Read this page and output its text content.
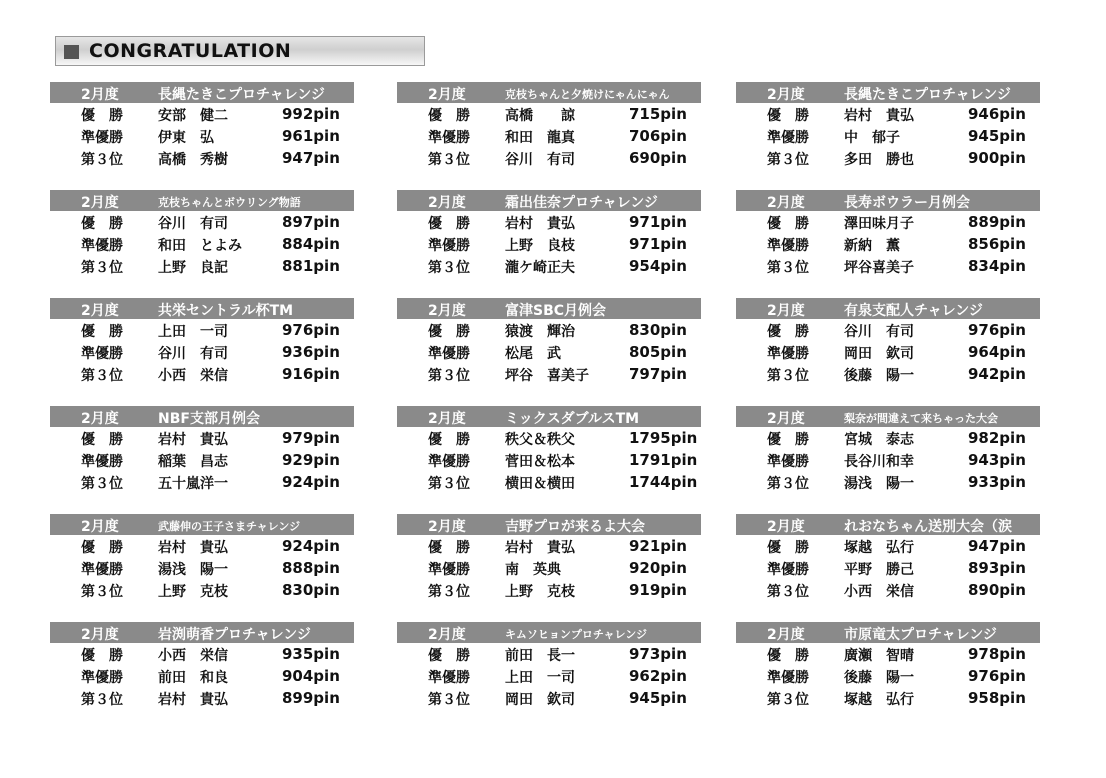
CONGRATULATION
2月度	長縄たきこプロチャレンジ
優　勝	安部　健二	992pin
準優勝	伊東　弘	961pin
第３位	高橋　秀樹	947pin
2月度	克枝ちゃんと夕焼けにゃんにゃん
優　勝	高橋　　諒	715pin
準優勝	和田　龍真	706pin
第３位	谷川　有司	690pin
2月度	長縄たきこプロチャレンジ
優　勝	岩村　貴弘	946pin
準優勝	中　郁子	945pin
第３位	多田　勝也	900pin
2月度	克枝ちゃんとボウリング物語
優　勝	谷川　有司	897pin
準優勝	和田　とよみ	884pin
第３位	上野　良記	881pin
2月度	霜出佳奈プロチャレンジ
優　勝	岩村　貴弘	971pin
準優勝	上野　良枝	971pin
第３位	瀧ケ崎正夫	954pin
2月度	長寿ボウラー月例会
優　勝	澤田味月子	889pin
準優勝	新納　薫	856pin
第３位	坪谷喜美子	834pin
2月度	共栄セントラル杯TM
優　勝	上田　一司	976pin
準優勝	谷川　有司	936pin
第３位	小西　栄信	916pin
2月度	富津SBC月例会
優　勝	猿渡　輝治	830pin
準優勝	松尾　武	805pin
第３位	坪谷　喜美子	797pin
2月度	有泉支配人チャレンジ
優　勝	谷川　有司	976pin
準優勝	岡田　欽司	964pin
第３位	後藤　陽一	942pin
2月度	NBF支部月例会
優　勝	岩村　貴弘	979pin
準優勝	稲葉　昌志	929pin
第３位	五十嵐洋一	924pin
2月度	ミックスダブルスTM
優　勝	秩父＆秩父	1795pin
準優勝	菅田＆松本	1791pin
第３位	横田＆横田	1744pin
2月度	梨奈が間違えて来ちゃった大会
優　勝	宮城　泰志	982pin
準優勝	長谷川和幸	943pin
第３位	湯浅　陽一	933pin
2月度	武藤伸の王子さまチャレンジ
優　勝	岩村　貴弘	924pin
準優勝	湯浅　陽一	888pin
第３位	上野　克枝	830pin
2月度	吉野プロが来るよ大会
優　勝	岩村　貴弘	921pin
準優勝	南　英典	920pin
第３位	上野　克枝	919pin
2月度	れおなちゃん送別大会（涙
優　勝	塚越　弘行	947pin
準優勝	平野　勝己	893pin
第３位	小西　栄信	890pin
2月度	岩渕萌香プロチャレンジ
優　勝	小西　栄信	935pin
準優勝	前田　和良	904pin
第３位	岩村　貴弘	899pin
2月度	キムソヒョンプロチャレンジ
優　勝	前田　長一	973pin
準優勝	上田　一司	962pin
第３位	岡田　欽司	945pin
2月度	市原竜太プロチャレンジ
優　勝	廣瀬　智晴	978pin
準優勝	後藤　陽一	976pin
第３位	塚越　弘行	958pin
